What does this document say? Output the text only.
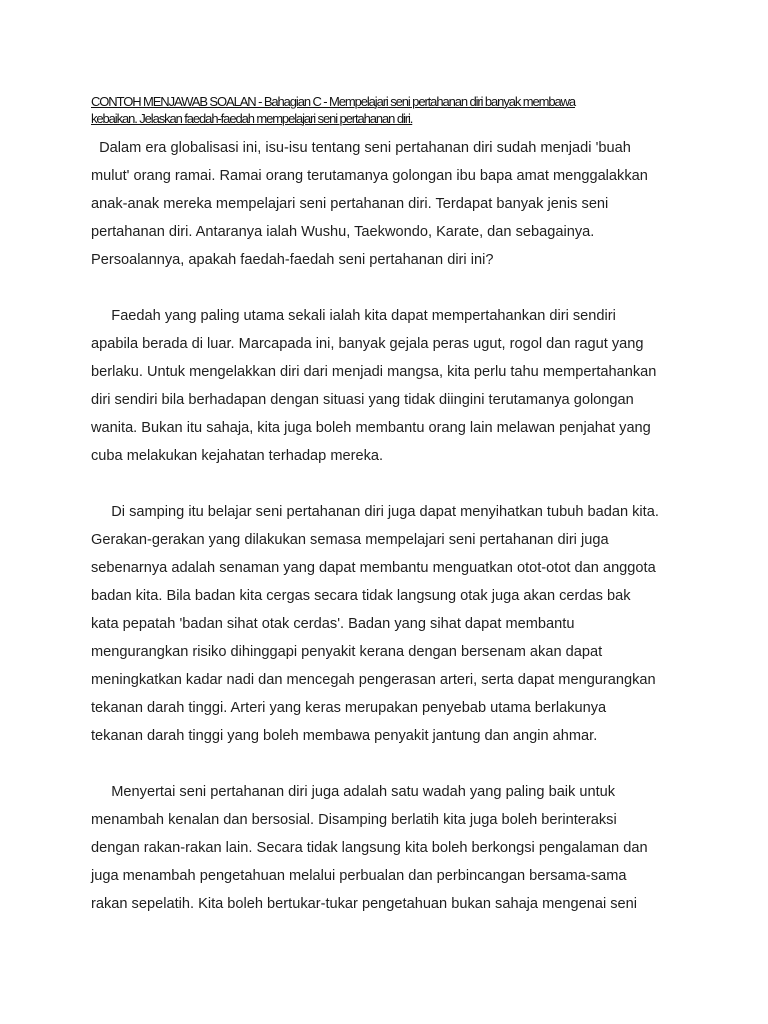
CONTOH MENJAWAB SOALAN - Bahagian C - Mempelajari seni pertahanan diri banyak membawa
kebaikan. Jelaskan faedah-faedah mempelajari seni pertahanan diri.

Dalam era globalisasi ini, isu-isu tentang seni pertahanan diri sudah menjadi 'buah

mulut' orang ramai. Ramai orang terutamanya golongan ibu bapa amat menggalakkan

anak-anak mereka mempelajari seni pertahanan diri. Terdapat banyak jenis seni

pertahanan diri. Antaranya ialah Wushu, Taekwondo, Karate, dan sebagainya.

Persoalannya, apakah faedah-faedah seni pertahanan diri ini?

Faedah yang paling utama sekali ialah kita dapat mempertahankan diri sendiri

apabila berada di luar. Marcapada ini, banyak gejala peras ugut, rogol dan ragut yang

berlaku. Untuk mengelakkan diri dari menjadi mangsa, kita perlu tahu mempertahankan

diri sendiri bila berhadapan dengan situasi yang tidak diingini terutamanya golongan

wanita. Bukan itu sahaja, kita juga boleh membantu orang lain melawan penjahat yang

cuba melakukan kejahatan terhadap mereka.

Di samping itu belajar seni pertahanan diri juga dapat menyihatkan tubuh badan kita.

Gerakan-gerakan yang dilakukan semasa mempelajari seni pertahanan diri juga

sebenarnya adalah senaman yang dapat membantu menguatkan otot-otot dan anggota

badan kita. Bila badan kita cergas secara tidak langsung otak juga akan cerdas bak

kata pepatah 'badan sihat otak cerdas'. Badan yang sihat dapat membantu

mengurangkan risiko dihinggapi penyakit kerana dengan bersenam akan dapat

meningkatkan kadar nadi dan mencegah pengerasan arteri, serta dapat mengurangkan

tekanan darah tinggi. Arteri yang keras merupakan penyebab utama berlakunya

tekanan darah tinggi yang boleh membawa penyakit jantung dan angin ahmar.

Menyertai seni pertahanan diri juga adalah satu wadah yang paling baik untuk

menambah kenalan dan bersosial. Disamping berlatih kita juga boleh berinteraksi

dengan rakan-rakan lain. Secara tidak langsung kita boleh berkongsi pengalaman dan

juga menambah pengetahuan melalui perbualan dan perbincangan bersama-sama

rakan sepelatih. Kita boleh bertukar-tukar pengetahuan bukan sahaja mengenai seni
